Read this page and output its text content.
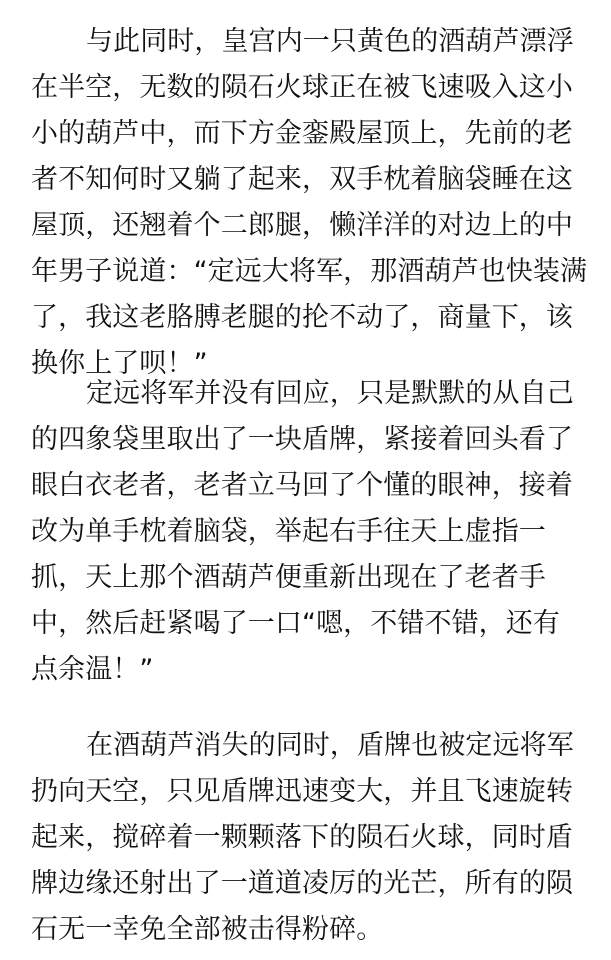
与此同时，皇宫内一只黄色的酒葫芦漂浮
在半空，无数的陨石火球正在被飞速吸入这小
小的葫芦中，而下方金銮殿屋顶上，先前的老
者不知何时又躺了起来，双手枕着脑袋睡在这
屋顶，还翘着个二郎腿，懒洋洋的对边上的中
年男子说道：“定远大将军，那酒葫芦也快装满
了，我这老胳膊老腿的抡不动了，商量下，该
换你上了呗！”
定远将军并没有回应，只是默默的从自己
的四象袋里取出了一块盾牌，紧接着回头看了
眼白衣老者，老者立马回了个懂的眼神，接着
改为单手枕着脑袋，举起右手往天上虚指一
抓，天上那个酒葫芦便重新出现在了老者手
中，然后赶紧喝了一口“嗯，不错不错，还有
点余温！”
在酒葫芦消失的同时，盾牌也被定远将军
扔向天空，只见盾牌迅速变大，并且飞速旋转
起来，搅碎着一颗颗落下的陨石火球，同时盾
牌边缘还射出了一道道凌厉的光芒，所有的陨
石无一幸免全部被击得粉碎。
